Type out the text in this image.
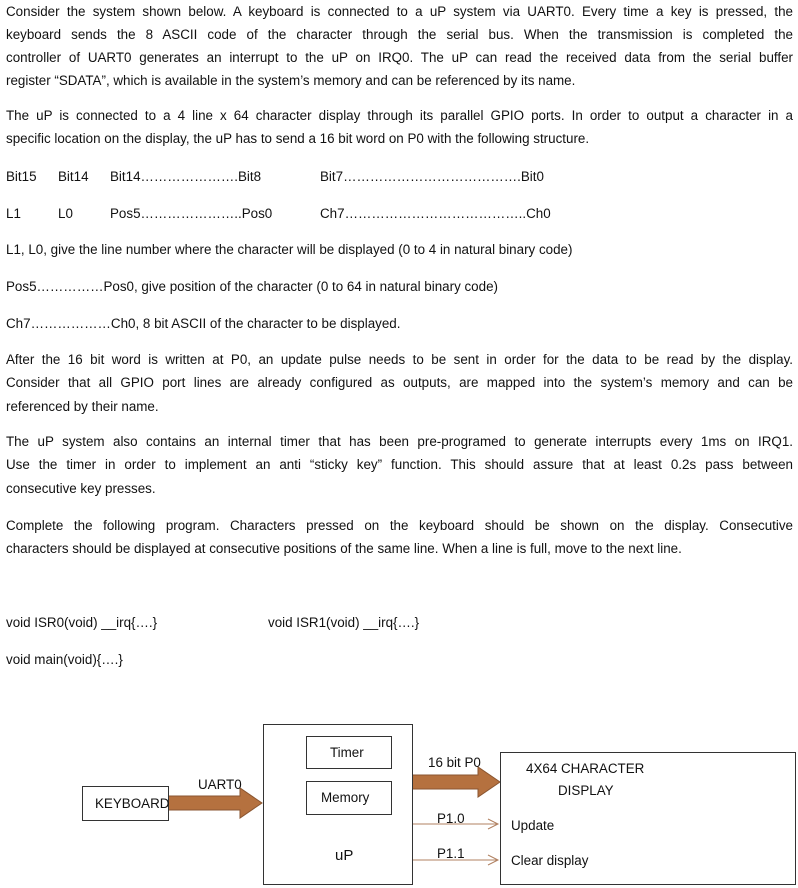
Consider the system shown below. A keyboard is connected to a uP system via UART0. Every time a key is pressed, the
keyboard sends the 8 ASCII code of the character through the serial bus. When the transmission is completed the
controller of UART0 generates an interrupt to the uP on IRQ0. The uP can read the received data from the serial buffer
register “SDATA”, which is available in the system’s memory and can be referenced by its name.
The uP is connected to a 4 line x 64 character display through its parallel GPIO ports. In order to output a character in a
specific location on the display, the uP has to send a 16 bit word on P0 with the following structure.
Bit15 Bit14 Bit14………………….Bit8	Bit7………………………………….Bit0
L1	L0	Pos5…………………..Pos0	Ch7…………………………………..Ch0
L1, L0, give the line number where the character will be displayed (0 to 4 in natural binary code)
Pos5……………Pos0, give position of the character (0 to 64 in natural binary code)
Ch7………………Ch0, 8 bit ASCII of the character to be displayed.
After the 16 bit word is written at P0, an update pulse needs to be sent in order for the data to be read by the display.
Consider that all GPIO port lines are already configured as outputs, are mapped into the system’s memory and can be
referenced by their name.
The uP system also contains an internal timer that has been pre-programed to generate interrupts every 1ms on IRQ1.
Use the timer in order to implement an anti “sticky key” function. This should assure that at least 0.2s pass between
consecutive key presses.
Complete the following program. Characters pressed on the keyboard should be shown on the display. Consecutive
characters should be displayed at consecutive positions of the same line. When a line is full, move to the next line.
void ISR0(void) __irq{….}	void ISR1(void) __irq{….}
void main(void){….}
KEYBOARD
UART0
uP
Timer
Memory
16 bit P0
P1.0
P1.1
4X64 CHARACTER
DISPLAY
Update
Clear display
